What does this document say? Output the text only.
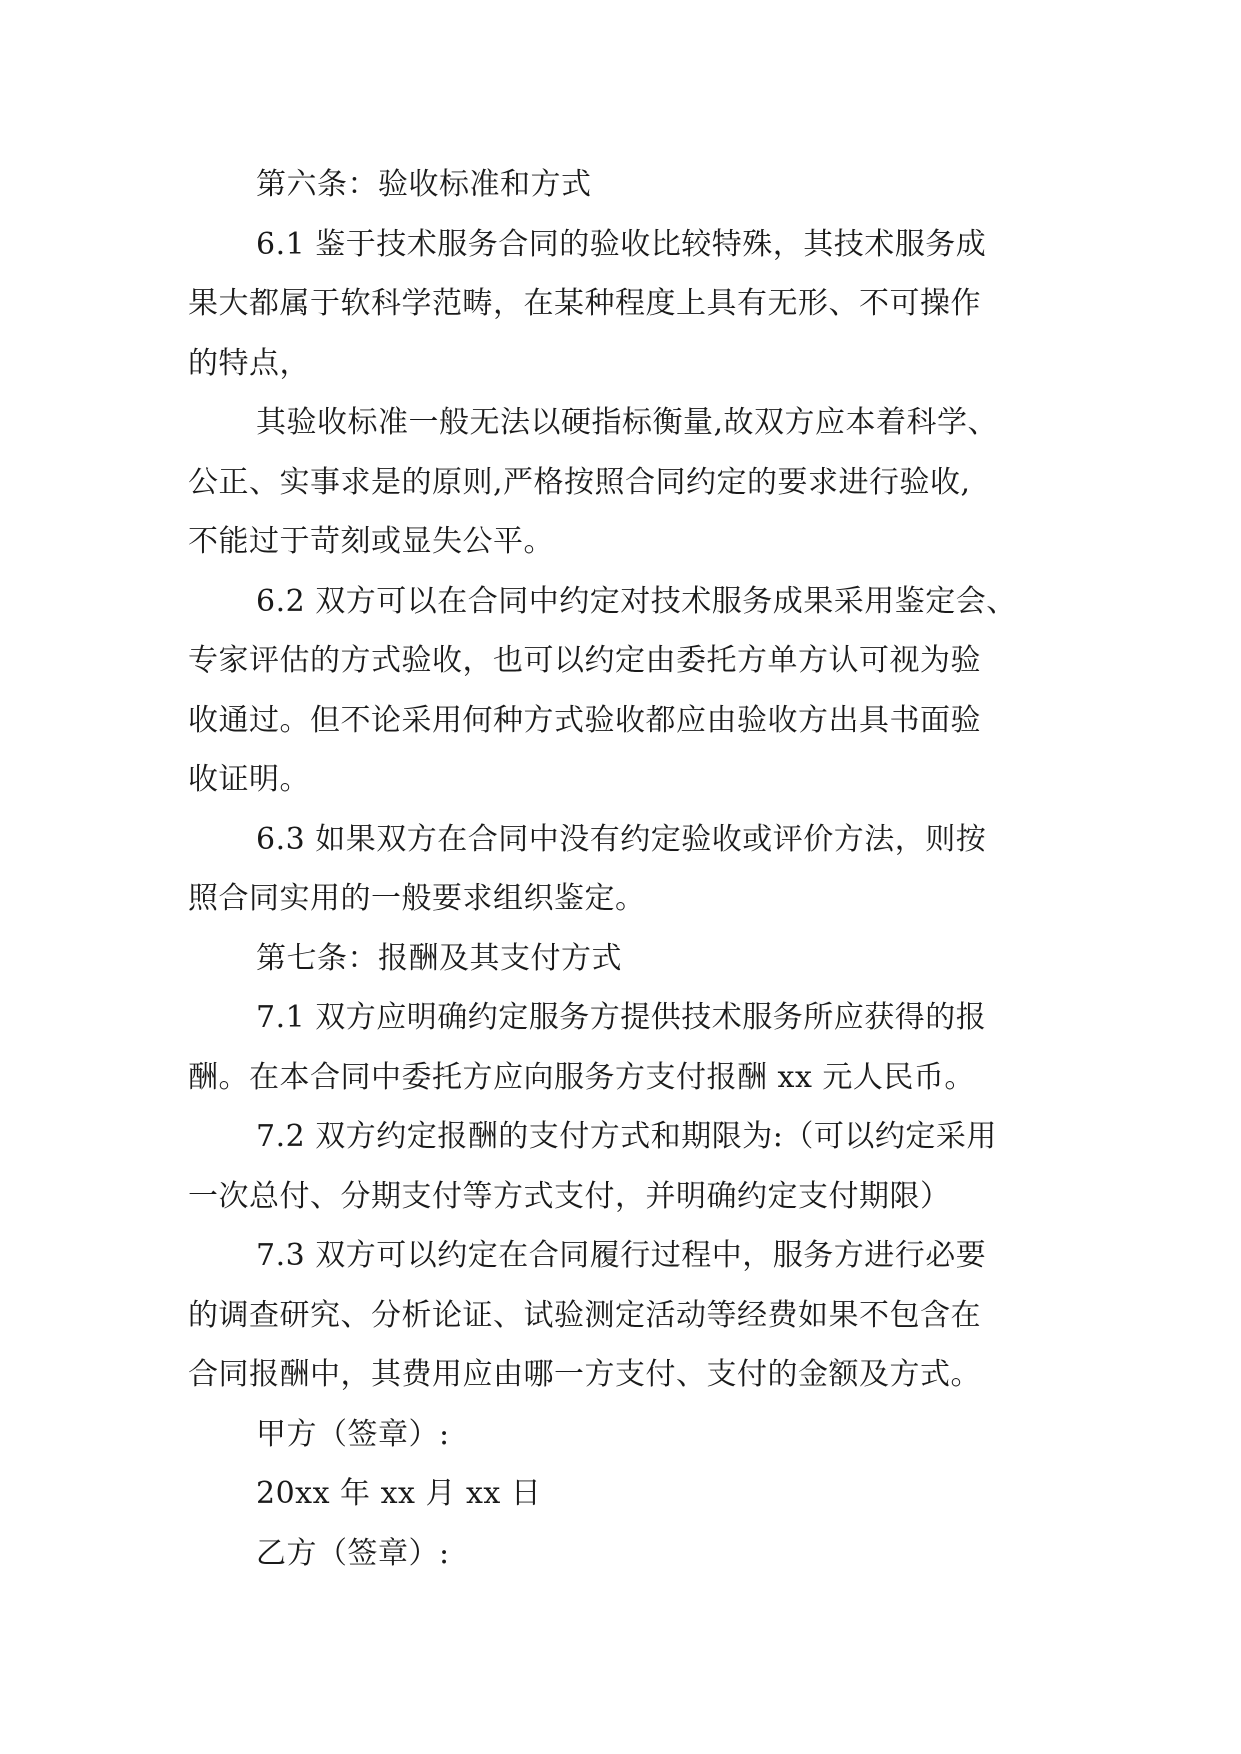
第六条：验收标准和方式
6.1 鉴于技术服务合同的验收比较特殊，其技术服务成
果大都属于软科学范畴，在某种程度上具有无形、不可操作
的特点，
其验收标准一般无法以硬指标衡量,故双方应本着科学、
公正、实事求是的原则,严格按照合同约定的要求进行验收,
不能过于苛刻或显失公平。
6.2 双方可以在合同中约定对技术服务成果采用鉴定会、
专家评估的方式验收，也可以约定由委托方单方认可视为验
收通过。但不论采用何种方式验收都应由验收方出具书面验
收证明。
6.3 如果双方在合同中没有约定验收或评价方法，则按
照合同实用的一般要求组织鉴定。
第七条：报酬及其支付方式
7.1 双方应明确约定服务方提供技术服务所应获得的报
酬。在本合同中委托方应向服务方支付报酬 xx 元人民币。
7.2 双方约定报酬的支付方式和期限为:（可以约定采用
一次总付、分期支付等方式支付，并明确约定支付期限）
7.3 双方可以约定在合同履行过程中，服务方进行必要
的调查研究、分析论证、试验测定活动等经费如果不包含在
合同报酬中，其费用应由哪一方支付、支付的金额及方式。
甲方（签章）:
20xx 年 xx 月 xx 日
乙方（签章）:
